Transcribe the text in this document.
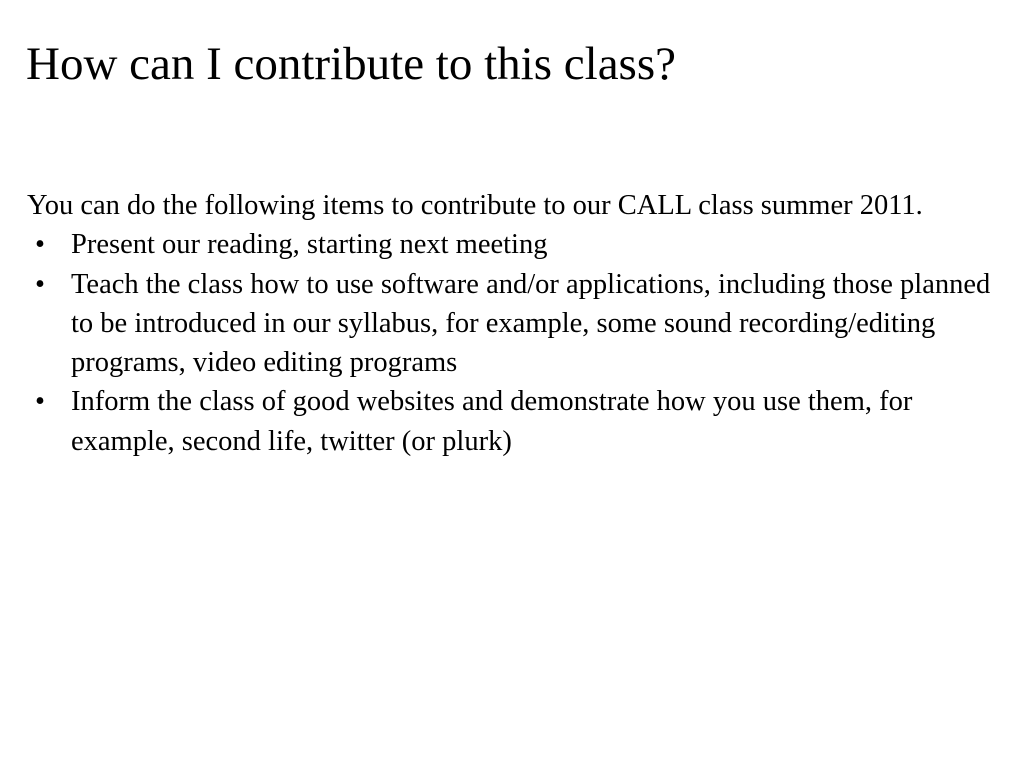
How can I contribute to this class?

You can do the following items to contribute to our CALL class summer 2011.

• Present our reading, starting next meeting
• Teach the class how to use software and/or applications, including those planned to be introduced in our syllabus, for example, some sound recording/editing programs, video editing programs
• Inform the class of good websites and demonstrate how you use them, for example, second life, twitter (or plurk)
